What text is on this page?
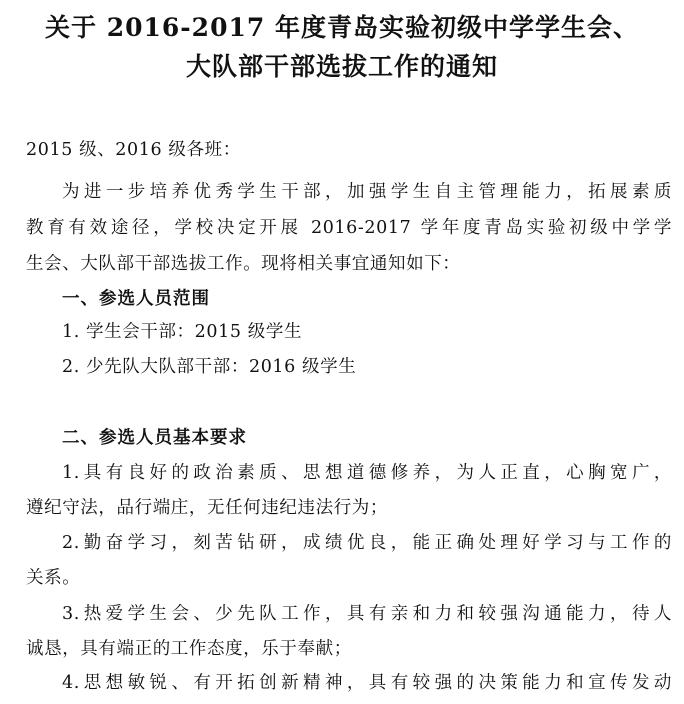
关于 2016-2017 年度青岛实验初级中学学生会、
大队部干部选拔工作的通知
2015 级、2016 级各班：
为进一步培养优秀学生干部，加强学生自主管理能力，拓展素质
教育有效途径，学校决定开展 2016-2017 学年度青岛实验初级中学学
生会、大队部干部选拔工作。现将相关事宜通知如下：
一、参选人员范围
1. 学生会干部：2015 级学生
2. 少先队大队部干部：2016 级学生
二、参选人员基本要求
1.具有良好的政治素质、思想道德修养，为人正直，心胸宽广，
遵纪守法，品行端庄，无任何违纪违法行为；
2.勤奋学习，刻苦钻研，成绩优良，能正确处理好学习与工作的
关系。
3.热爱学生会、少先队工作，具有亲和力和较强沟通能力，待人
诚恳，具有端正的工作态度，乐于奉献；
4.思想敏锐、有开拓创新精神，具有较强的决策能力和宣传发动
